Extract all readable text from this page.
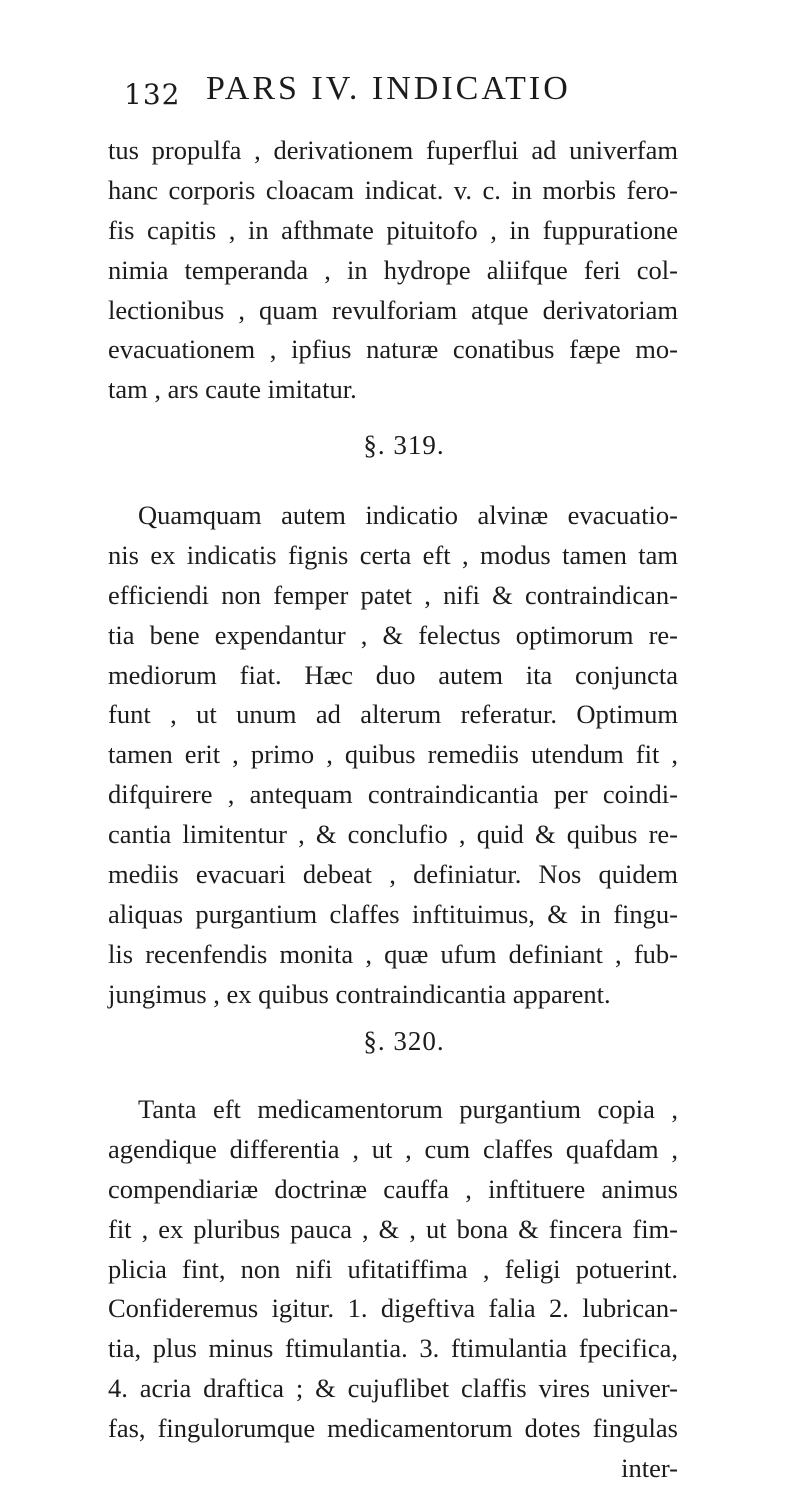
132 PARS IV. INDICATIO
tus propulfa , derivationem fuperflui ad univerfam
hanc corporis cloacam indicat. v. c. in morbis fero-
fis capitis , in afthmate pituitofo , in fuppuratione
nimia temperanda , in hydrope aliifque feri col-
lectionibus , quam revulforiam atque derivatoriam
evacuationem , ipfius naturæ conatibus fæpe mo-
tam , ars caute imitatur.
§. 319.
Quamquam autem indicatio alvinæ evacuatio-
nis ex indicatis fignis certa eft , modus tamen tam
efficiendi non femper patet , nifi & contraindican-
tia bene expendantur , & felectus optimorum re-
mediorum fiat. Hæc duo autem ita conjuncta
funt , ut unum ad alterum referatur. Optimum
tamen erit , primo , quibus remediis utendum fit ,
difquirere , antequam contraindicantia per coindi-
cantia limitentur , & conclufio , quid & quibus re-
mediis evacuari debeat , definiatur. Nos quidem
aliquas purgantium claffes inftituimus, & in fingu-
lis recenfendis monita , quæ ufum definiant , fub-
jungimus , ex quibus contraindicantia apparent.
§. 320.
Tanta eft medicamentorum purgantium copia ,
agendique differentia , ut , cum claffes quafdam ,
compendiariæ doctrinæ cauffa , inftituere animus
fit , ex pluribus pauca , & , ut bona & fincera fim-
plicia fint, non nifi ufitatiffima , feligi potuerint.
Confideremus igitur. 1. digeftiva falia 2. lubrican-
tia, plus minus ftimulantia. 3. ftimulantia fpecifica,
4. acria draftica ; & cujuflibet claffis vires univer-
fas, fingulorumque medicamentorum dotes fingulas
inter-
